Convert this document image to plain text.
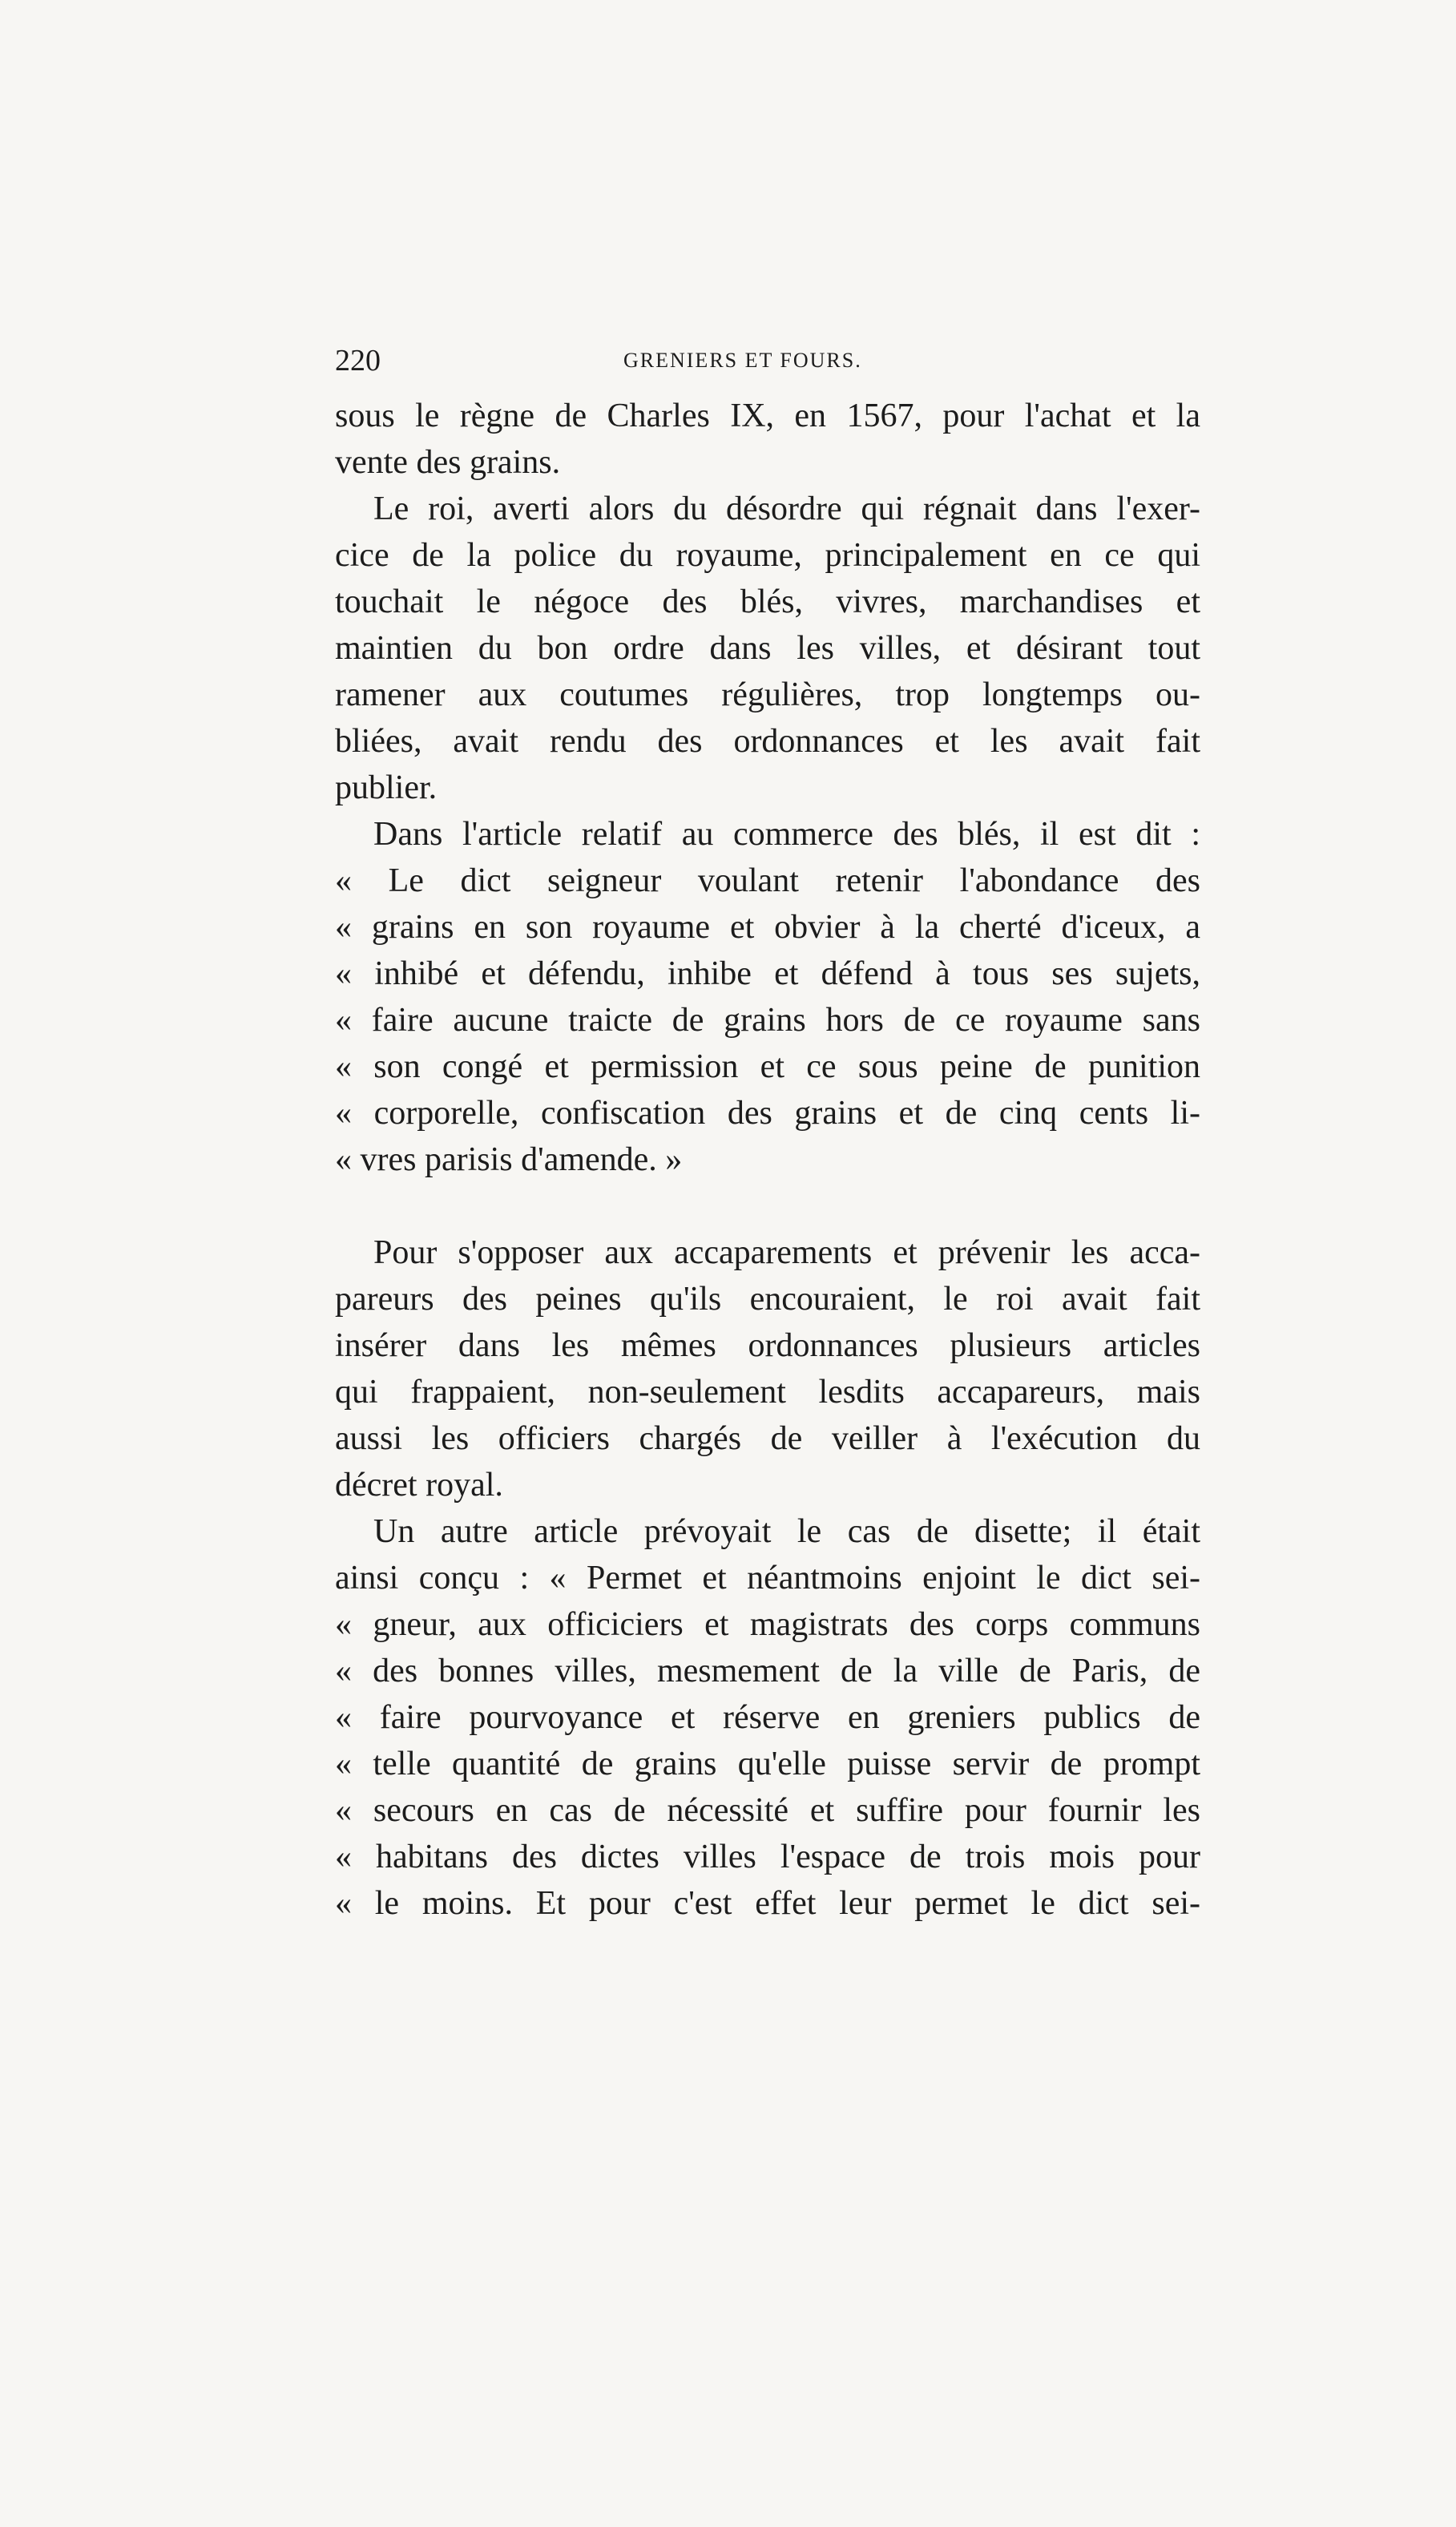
220	GRENIERS ET FOURS.
sous le règne de Charles IX, en 1567, pour l'achat et la
vente des grains.
Le roi, averti alors du désordre qui régnait dans l'exer-
cice de la police du royaume, principalement en ce qui
touchait le négoce des blés, vivres, marchandises et
maintien du bon ordre dans les villes, et désirant tout
ramener aux coutumes régulières, trop longtemps ou-
bliées, avait rendu des ordonnances et les avait fait
publier.
Dans l'article relatif au commerce des blés, il est dit :
« Le dict seigneur voulant retenir l'abondance des
« grains en son royaume et obvier à la cherté d'iceux, a
« inhibé et défendu, inhibe et défend à tous ses sujets,
« faire aucune traicte de grains hors de ce royaume sans
« son congé et permission et ce sous peine de punition
« corporelle, confiscation des grains et de cinq cents li-
« vres parisis d'amende. »
Pour s'opposer aux accaparements et prévenir les acca-
pareurs des peines qu'ils encouraient, le roi avait fait
insérer dans les mêmes ordonnances plusieurs articles
qui frappaient, non-seulement lesdits accapareurs, mais
aussi les officiers chargés de veiller à l'exécution du
décret royal.
Un autre article prévoyait le cas de disette; il était
ainsi conçu : « Permet et néantmoins enjoint le dict sei-
« gneur, aux officiciers et magistrats des corps communs
« des bonnes villes, mesmement de la ville de Paris, de
« faire pourvoyance et réserve en greniers publics de
« telle quantité de grains qu'elle puisse servir de prompt
« secours en cas de nécessité et suffire pour fournir les
« habitans des dictes villes l'espace de trois mois pour
« le moins. Et pour c'est effet leur permet le dict sei-
